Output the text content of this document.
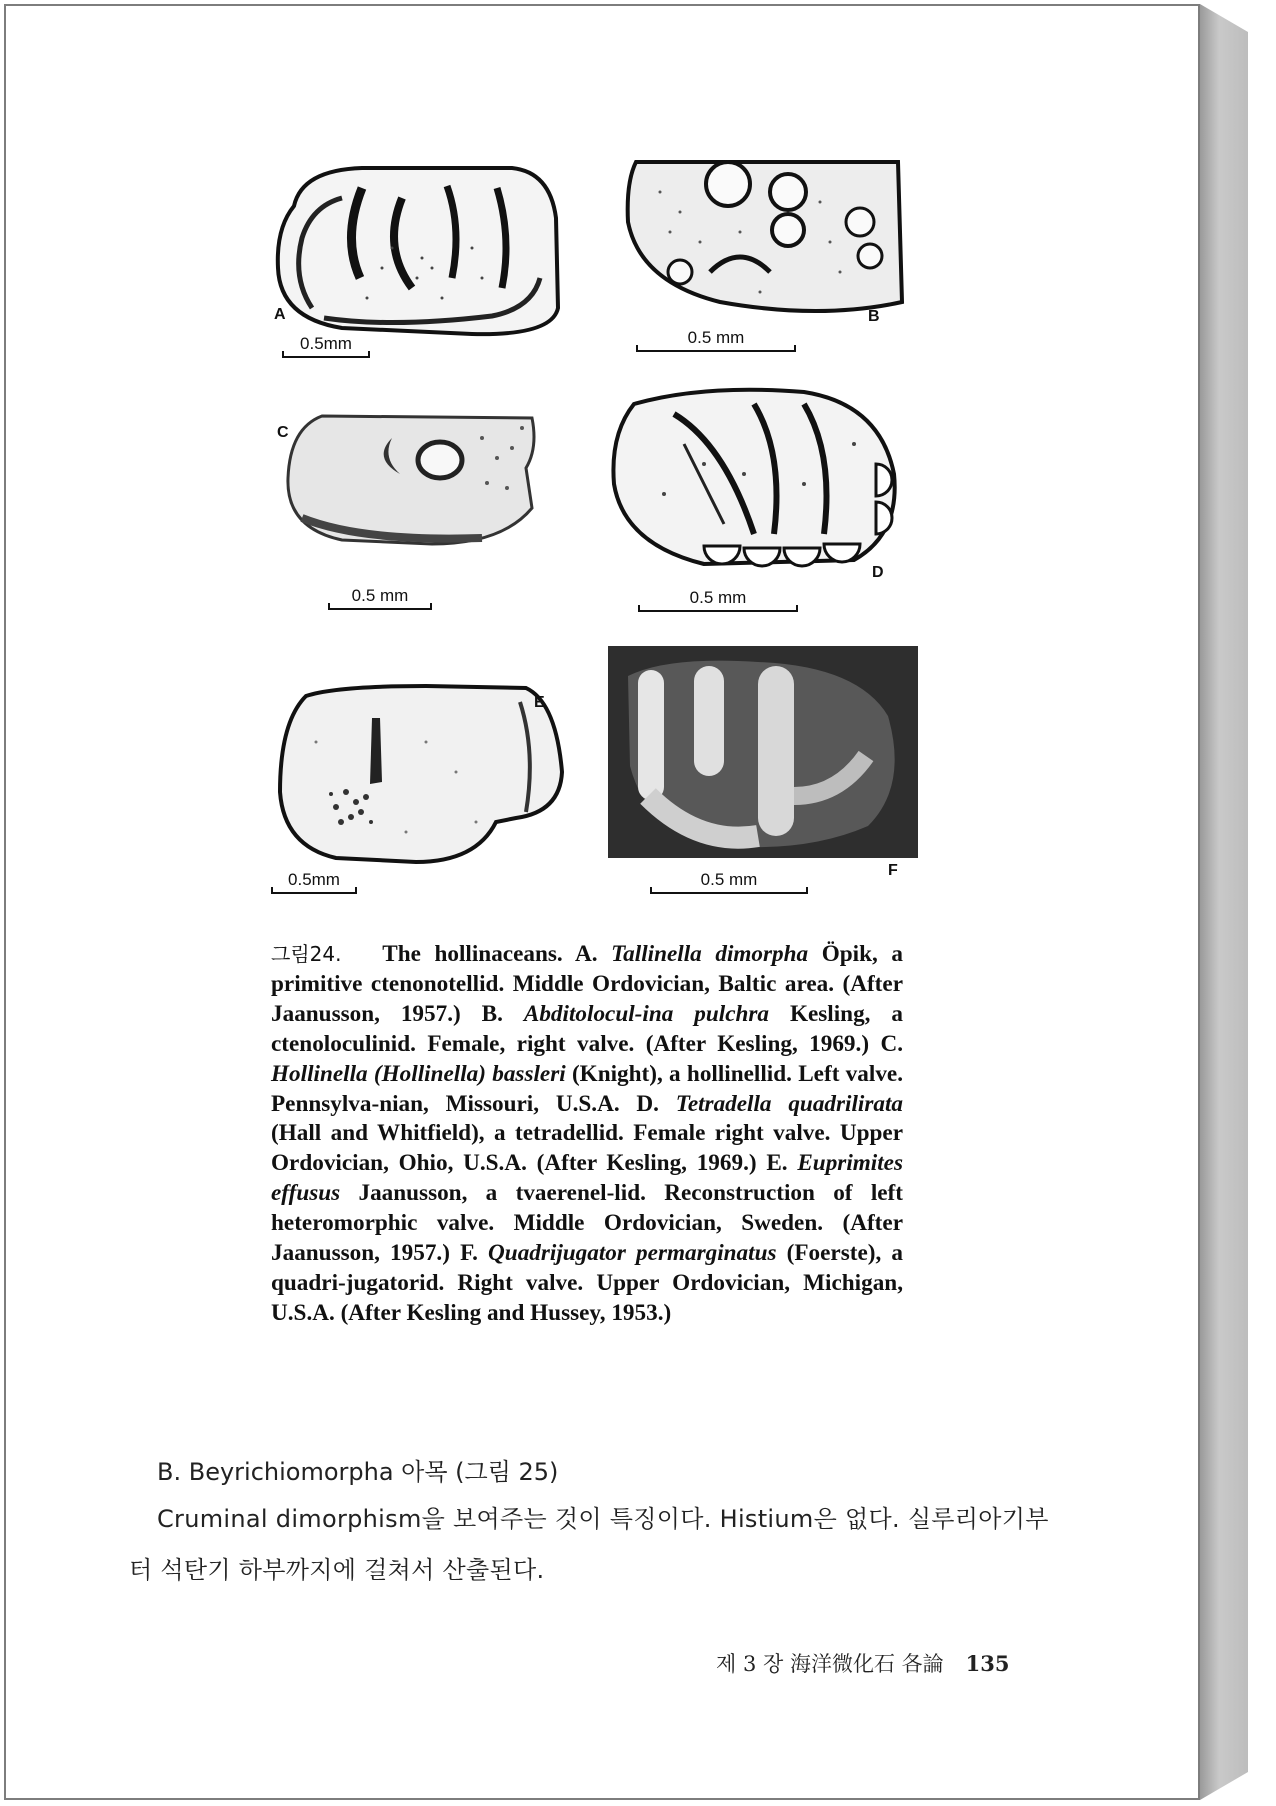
A
0.5mm
B
0.5 mm
C
0.5 mm
D
0.5 mm
E
0.5mm	F
0.5 mm
그림24. The hollinaceans. A. Tallinella dimorpha Öpik, a primitive ctenonotellid. Middle Ordovician, Baltic area. (After Jaanusson, 1957.) B. Abditolocul-ina pulchra Kesling, a ctenoloculinid. Female, right valve. (After Kesling, 1969.) C. Hollinella (Hollinella) bassleri (Knight), a hollinellid. Left valve. Pennsylva-nian, Missouri, U.S.A. D. Tetradella quadrilirata (Hall and Whitfield), a tetradellid. Female right valve. Upper Ordovician, Ohio, U.S.A. (After Kesling, 1969.) E. Euprimites effusus Jaanusson, a tvaerenel-lid. Reconstruction of left heteromorphic valve. Middle Ordovician, Sweden. (After Jaanusson, 1957.) F. Quadrijugator permarginatus (Foerste), a quadri-jugatorid. Right valve. Upper Ordovician, Michigan, U.S.A. (After Kesling and Hussey, 1953.)
B. Beyrichiomorpha 아목 (그림 25)
Cruminal dimorphism을 보여주는 것이 특징이다. Histium은 없다. 실루리아기부터 석탄기 하부까지에 걸쳐서 산출된다.
제 3 장 海洋微化石 各論 135
